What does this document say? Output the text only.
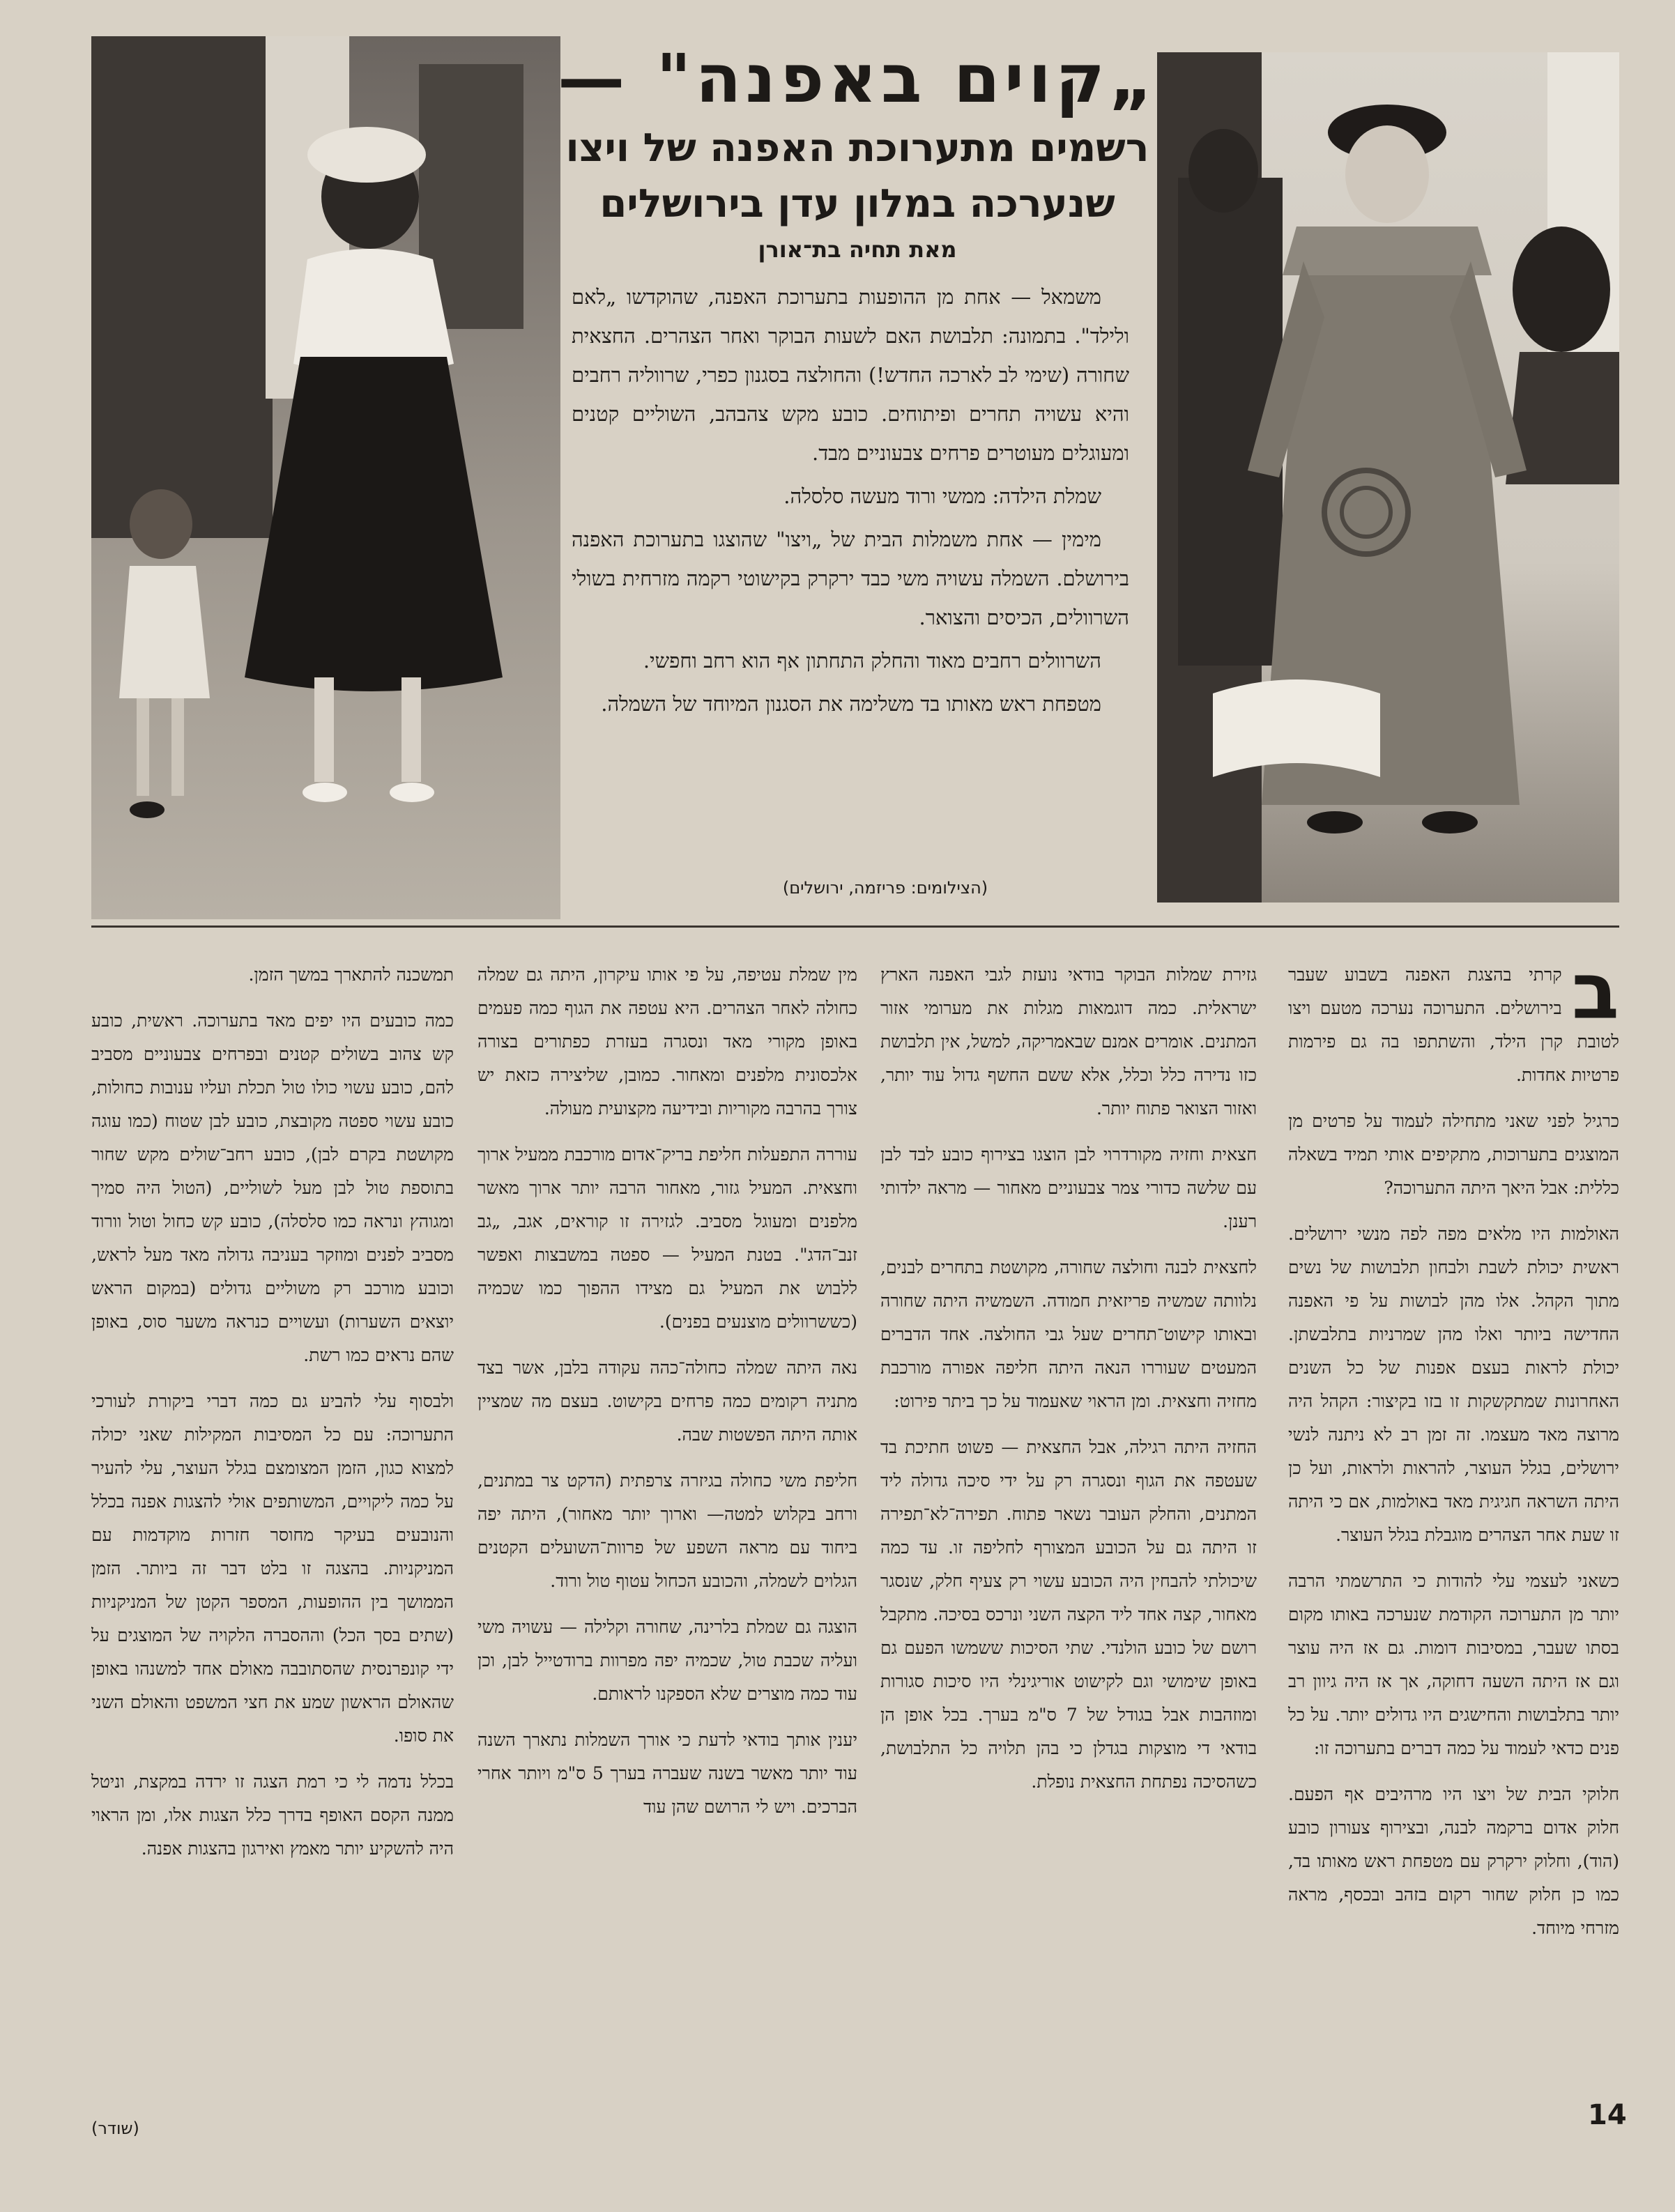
„קוים באפנה" —
רשמים מתערוכת האפנה של ויצו
שנערכה במלון עדן בירושלים
מאת תחיה בת־אורן

משמאל — אחת מן ההופעות בתערוכת האפנה, שהוקדשו „לאם ולילד". בתמונה: תלבושת האם לשעות הבוקר ואחר הצהרים. החצאית שחורה (שימי לב לארכה החדש!) והחולצה בסגנון כפרי, שרווליה רחבים והיא עשויה תחרים ופיתוחים. כובע מקש צהבהב, השוליים קטנים ומעוגלים מעוטרים פרחים צבעוניים מבד.

שמלת הילדה: ממשי ורוד מעשה סלסלה.

מימין — אחת משמלות הבית של „ויצו" שהוצגו בתערוכת האפנה בירושלם. השמלה עשויה משי כבד ירקרק בקישוטי רקמה מזרחית בשולי השרוולים, הכיסים והצואר.

השרוולים רחבים מאוד והחלק התחתון אף הוא רחב וחפשי.

מטפחת ראש מאותו בד משלימה את הסגנון המיוחד של השמלה.

(הצילומים: פריזמה, ירושלים)

ב
קרתי בהצגת האפנה בשבוע שעבר בירושלים. התערוכה נערכה מטעם ויצו לטובת קרן הילד, והשתתפו בה גם פירמות פרטיות אחדות.

כרגיל לפני שאני מתחילה לעמוד על פרטים מן המוצגים בתערוכות, מתקיפים אותי תמיד בשאלה כללית: אבל היאך היתה התערוכה?

האולמות היו מלאים מפה לפה מנשי ירושלים. ראשית יכולת לשבת ולבחון תלבושות של נשים מתוך הקהל. אלו מהן לבושות על פי האפנה החדישה ביותר ואלו מהן שמרניות בתלבשתן. יכולת לראות בעצם אפנות של כל השנים האחרונות שמתקשקות זו בזו בקיצור: הקהל היה מרוצה מאד מעצמו. זה זמן רב לא ניתנה לנשי ירושלים, בגלל העוצר, להראות ולראות, ועל כן היתה השראה חגיגית מאד באולמות, אם כי היתה זו שעת אחר הצהרים מוגבלת בגלל העוצר.

כשאני לעצמי עלי להודות כי התרשמתי הרבה יותר מן התערוכה הקודמת שנערכה באותו מקום בסתו שעבר, במסיבות דומות. גם אז היה עוצר וגם אז היתה השעה דחוקה, אך אז היה גיוון רב יותר בתלבושות והחישגים היו גדולים יותר. על כל פנים כדאי לעמוד על כמה דברים בתערוכה זו:

חלוקי הבית של ויצו היו מרהיבים אף הפעם. חלוק אדום ברקמה לבנה, ובצירוף צעורון כובע (הוד), וחלוק ירקרק עם מטפחת ראש מאותו בד, כמו כן חלוק שחור רקום בזהב ובכסף, מראה מזרחי מיוחד.

גזירת שמלות הבוקר בודאי נועזת לגבי האפנה הארץ ישראלית. כמה דוגמאות מגלות את מערומי אזור המתנים. אומרים אמנם שבאמריקה, למשל, אין תלבושת כזו נדירה כלל וכלל, אלא ששם החשף גדול עוד יותר, ואזור הצואר פתוח יותר.

חצאית וחזיה מקורדרוי לבן הוצגו בצירוף כובע לבד לבן עם שלשה כדורי צמר צבעוניים מאחור — מראה ילדותי רענן.

לחצאית לבנה וחולצה שחורה, מקושטת בתחרים לבנים, נלוותה שמשיה פריזאית חמודה. השמשיה היתה שחורה ובאותו קישוט־תחרים שעל גבי החולצה. אחד הדברים המעטים שעוררו הנאה היתה חליפה אפורה מורכבת מחזיה וחצאית. ומן הראוי שאעמוד על כך ביתר פירוט:

החזיה היתה רגילה, אבל החצאית — פשוט חתיכת בד שעטפה את הגוף ונסגרה רק על ידי סיכה גדולה ליד המתנים, והחלק העובר נשאר פתוח. תפירה־לא־תפירה זו היתה גם על הכובע המצורף לחליפה זו. עד כמה שיכולתי להבחין היה הכובע עשוי רק צעיף חלק, שנסגר מאחור, קצה אחד ליד הקצה השני ונרכס בסיכה. מתקבל רושם של כובע הולנדי. שתי הסיכות ששמשו הפעם גם באופן שימושי וגם לקישוט אוריגינלי היו סיכות סגורות ומוזהבות אבל בגודל של 7 ס"מ בערך. בכל אופן הן בודאי די מוצקות בגדלן כי בהן תלויה כל התלבושת, כשהסיכה נפתחת החצאית נופלת.

מין שמלת עטיפה, על פי אותו עיקרון, היתה גם שמלה כחולה לאחר הצהרים. היא עטפה את הגוף כמה פעמים באופן מקורי מאד ונסגרה בעזרת כפתורים בצורה אלכסונית מלפנים ומאחור. כמובן, שליצירה כזאת יש צורך בהרבה מקוריות ובידיעה מקצועית מעולה.

עוררה התפעלות חליפת בריק־אדום מורכבת ממעיל ארוך וחצאית. המעיל גזור, מאחור הרבה יותר ארוך מאשר מלפנים ומעוגל מסביב. לגזירה זו קוראים, אגב, „גב זנב־הדג". בטנת המעיל — ספטה במשבצות ואפשר ללבוש את המעיל גם מצידו ההפוך כמו שכמיה (כששרוולים מוצנעים בפנים).

נאה היתה שמלה כחולה־כהה עקודה בלבן, אשר בצד מתניה רקומים כמה פרחים בקישוט. בעצם מה שמציין אותה היתה הפשטות שבה.

חליפת משי כחולה בגיזרה צרפתית (הדקט צר במתנים, ורחב בקלוש למטה— וארוך יותר מאחור), היתה יפה ביחוד עם מראה השפע של פרוות־השועלים הקטנים הגלוים לשמלה, והכובע הכחול עטוף טול ורוד.

הוצגה גם שמלת בלרינה, שחורה וקלילה — עשויה משי ועליה שכבת טול, שכמיה יפה מפרוות ברודטייל לבן, וכן עוד כמה מוצרים שלא הספקנו לראותם.

יענין אותך בודאי לדעת כי אורך השמלות נתארך השנה עוד יותר מאשר בשנה שעברה בערך 5 ס"מ ויותר אחרי הברכים. ויש לי הרושם שהן עוד

תמשכנה להתארך במשך הזמן.

כמה כובעים היו יפים מאד בתערוכה. ראשית, כובע קש צהוב בשולים קטנים ובפרחים צבעוניים מסביב להם, כובע עשוי כולו טול תכלת ועליו ענובות כחולות, כובע עשוי ספטה מקובצת, כובע לבן שטוח (כמו עוגה מקושטת בקרם לבן), כובע רחב־שולים מקש שחור בתוספת טול לבן מעל לשוליים, (הטול היה סמיך ומגוהץ ונראה כמו סלסלה), כובע קש כחול וטול וורוד מסביב לפנים ומוזקר בעניבה גדולה מאד מעל לראש, וכובע מורכב רק משוליים גדולים (במקום הראש יוצאים השערות) ועשויים כנראה משער סוס, באופן שהם נראים כמו רשת.

ולבסוף עלי להביע גם כמה דברי ביקורת לעורכי התערוכה: עם כל המסיבות המקילות שאני יכולה למצוא כגון, הזמן המצומצם בגלל העוצר, עלי להעיר על כמה ליקויים, המשותפים אולי להצגות אפנה בכלל והנובעים בעיקר מחוסר חזרות מוקדמות עם המניקניות. בהצגה זו בלט דבר זה ביותר. הזמן הממושך בין ההופעות, המספר הקטן של המניקניות (שתים בסך הכל) וההסברה הלקויה של המוצגים על ידי קונפרנסית שהסתובבה מאולם אחד למשנהו באופן שהאולם הראשון שמע את חצי המשפט והאולם השני את סופו.

בכלל נדמה לי כי רמת הצגה זו ירדה במקצת, וניטל ממנה הקסם האופף בדרך כלל הצגות אלו, ומן הראוי היה להשקיע יותר מאמץ ואירגון בהצגות אפנה.

14
(שודר)
